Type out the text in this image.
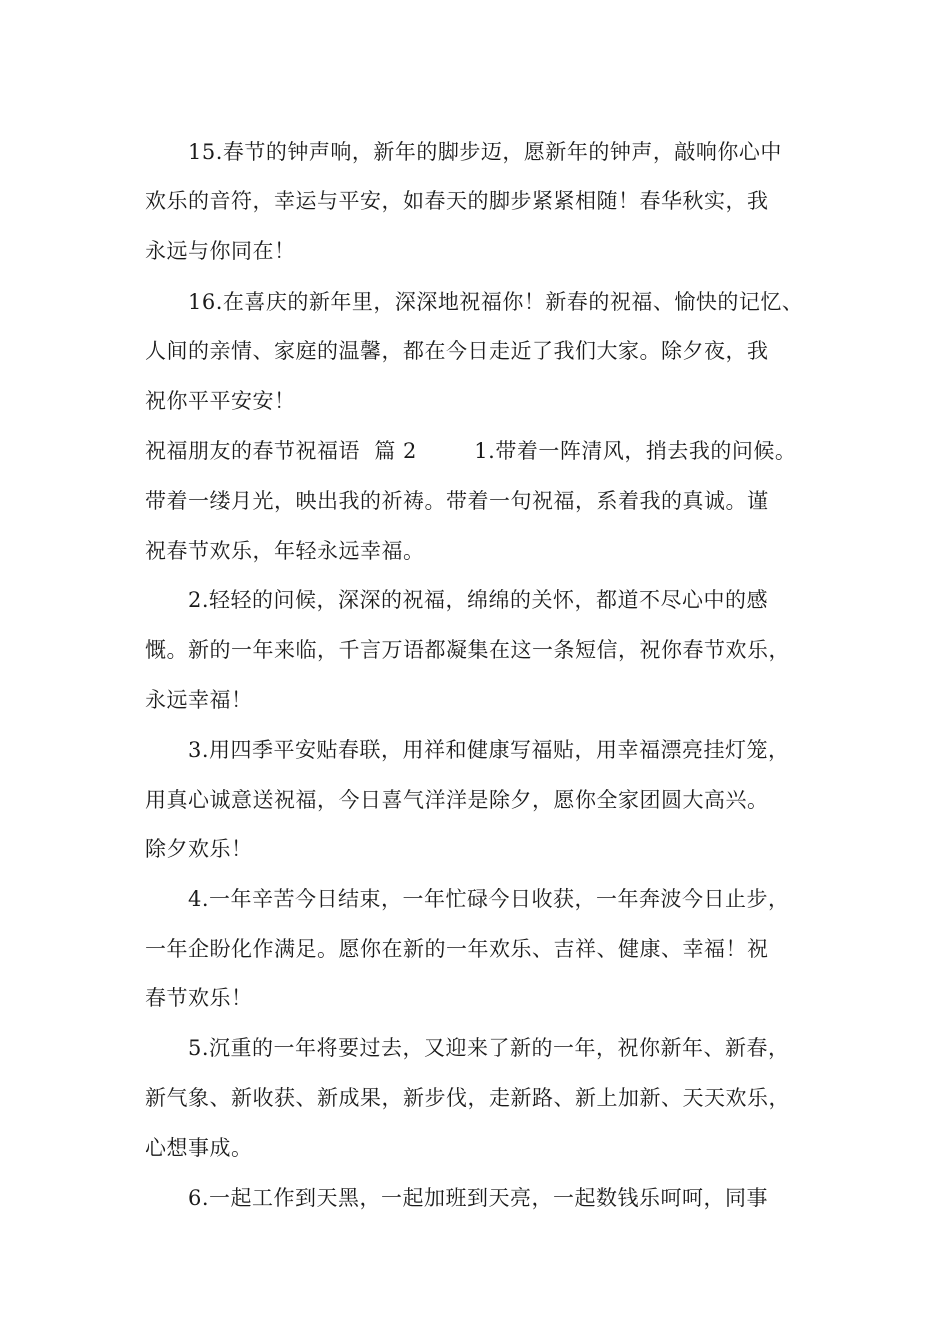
15.春节的钟声响，新年的脚步迈，愿新年的钟声，敲响你心中
欢乐的音符，幸运与平安，如春天的脚步紧紧相随！春华秋实，我
永远与你同在！
16.在喜庆的新年里，深深地祝福你！新春的祝福、愉快的记忆、
人间的亲情、家庭的温馨，都在今日走近了我们大家。除夕夜，我
祝你平平安安！
祝福朋友的春节祝福语  篇 2        1.带着一阵清风，捎去我的问候。
带着一缕月光，映出我的祈祷。带着一句祝福，系着我的真诚。谨
祝春节欢乐，年轻永远幸福。
2.轻轻的问候，深深的祝福，绵绵的关怀，都道不尽心中的感
慨。新的一年来临，千言万语都凝集在这一条短信，祝你春节欢乐，
永远幸福！
3.用四季平安贴春联，用祥和健康写福贴，用幸福漂亮挂灯笼，
用真心诚意送祝福，今日喜气洋洋是除夕，愿你全家团圆大高兴。
除夕欢乐！
4.一年辛苦今日结束，一年忙碌今日收获，一年奔波今日止步，
一年企盼化作满足。愿你在新的一年欢乐、吉祥、健康、幸福！祝
春节欢乐！
5.沉重的一年将要过去，又迎来了新的一年，祝你新年、新春，
新气象、新收获、新成果，新步伐，走新路、新上加新、天天欢乐，
心想事成。
6.一起工作到天黑，一起加班到天亮，一起数钱乐呵呵，同事
